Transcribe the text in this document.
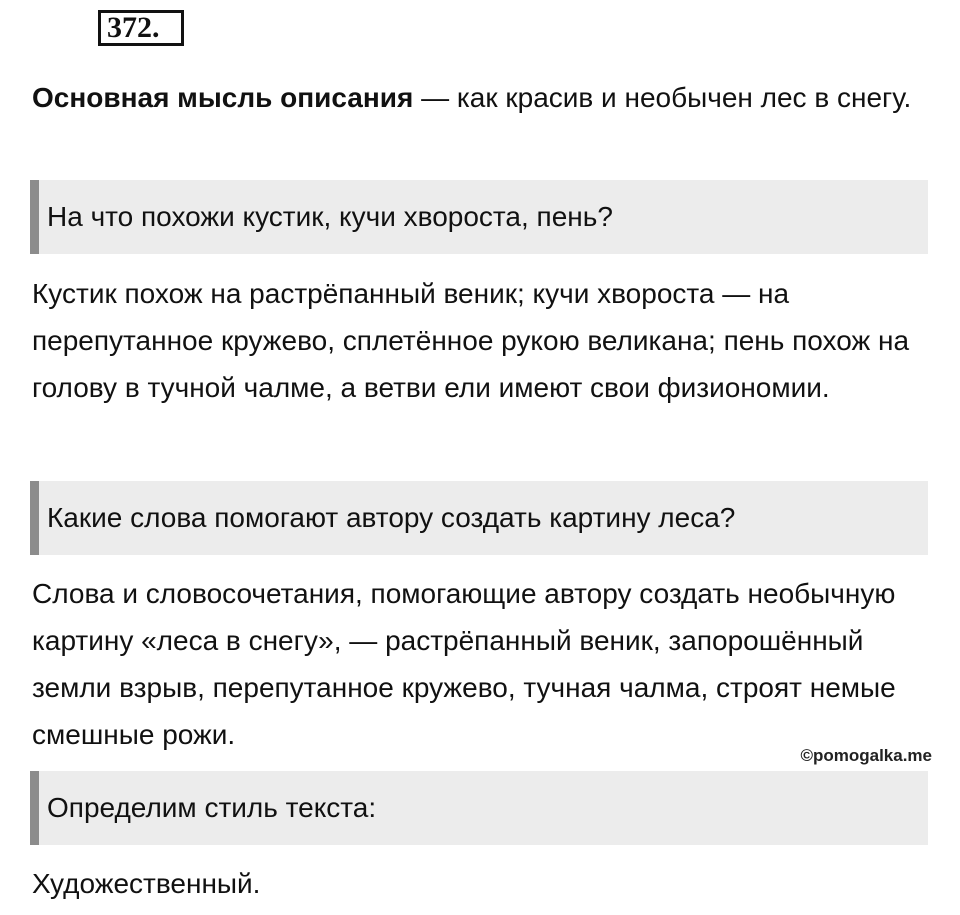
372.

Основная мысль описания — как красив и необычен лес в снегу.

На что похожи кустик, кучи хвороста, пень?

Кустик похож на растрёпанный веник; кучи хвороста — на перепутанное кружево, сплетённое рукою великана; пень похож на голову в тучной чалме, а ветви ели имеют свои физиономии.

Какие слова помогают автору создать картину леса?

Слова и словосочетания, помогающие автору создать необычную картину «леса в снегу», — растрёпанный веник, запорошённый земли взрыв, перепутанное кружево, тучная чалма, строят немые смешные рожи.

©pomogalka.me
Определим стиль текста:

Художественный.
